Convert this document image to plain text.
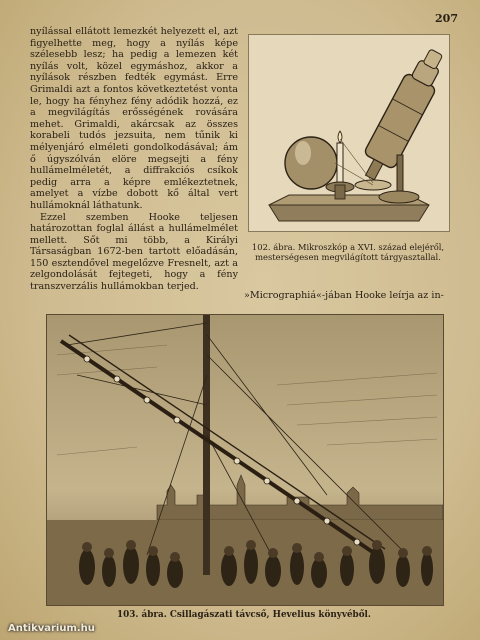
207

nyílással ellátott lemezkét helyezett el, azt figyelhette meg, hogy a nyílás képe szélesebb lesz; ha pedig a lemezen két nyílás volt, közel egymáshoz, akkor a nyílások részben fedték egymást. Erre Grimaldi azt a fontos következtetést vonta le, hogy ha fényhez fény adódik hozzá, ez a megvilágítás erősségének rovására mehet. Grimaldi, akárcsak az összes korabeli tudós jezsuita, nem tűnik ki mélyenjáró elméleti gondolkodásával; ám ő úgyszólván elöre megsejti a fény hullámelméletét, a diffrakciós csíkok pedig arra a képre emlékeztetnek, amelyet a vízbe dobott kő által vert hullámoknál láthatunk.

Ezzel szemben Hooke teljesen határozottan foglal állást a hullámelmélet mellett. Sőt mi több, a Királyi Társaságban 1672-ben tartott előadásán, 150 esztendővel megelőzve Fresnelt, azt a zelgondolását fejtegeti, hogy a fény transzverzális hullámokban terjed.

102. ábra. Mikroszkóp a XVI. század elejéről, mesterségesen megvilágított tárgyasztallal.
»Micrographiá«-jában Hooke leírja az in-
103. ábra. Csillagászati távcső, Hevelius könyvéből.
Antikvarium.hu
